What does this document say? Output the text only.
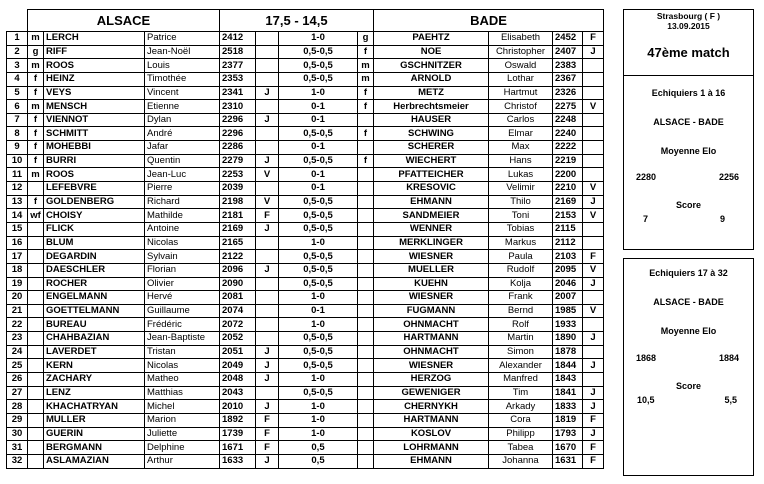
	ALSACE			17,5 - 14,5				BADE			
1	m	LERCH	Patrice	2412		1-0	g	PAEHTZ	Elisabeth	2452	F
2	g	RIFF	Jean-Noël	2518		0,5-0,5	f	NOE	Christopher	2407	J
3	m	ROOS	Louis	2377		0,5-0,5	m	GSCHNITZER	Oswald	2383	
4	f	HEINZ	Timothée	2353		0,5-0,5	m	ARNOLD	Lothar	2367	
5	f	VEYS	Vincent	2341	J	1-0	f	METZ	Hartmut	2326	
6	m	MENSCH	Etienne	2310		0-1	f	Herbrechtsmeier	Christof	2275	V
7	f	VIENNOT	Dylan	2296	J	0-1		HAUSER	Carlos	2248	
8	f	SCHMITT	André	2296		0,5-0,5	f	SCHWING	Elmar	2240	
9	f	MOHEBBI	Jafar	2286		0-1		SCHERER	Max	2222	
10	f	BURRI	Quentin	2279	J	0,5-0,5	f	WIECHERT	Hans	2219	
11	m	ROOS	Jean-Luc	2253	V	0-1		PFATTEICHER	Lukas	2200	
12		LEFEBVRE	Pierre	2039		0-1		KRESOVIC	Velimir	2210	V
13	f	GOLDENBERG	Richard	2198	V	0,5-0,5		EHMANN	Thilo	2169	J
14	wf	CHOISY	Mathilde	2181	F	0,5-0,5		SANDMEIER	Toni	2153	V
15		FLICK	Antoine	2169	J	0,5-0,5		WENNER	Tobias	2115	
16		BLUM	Nicolas	2165		1-0		MERKLINGER	Markus	2112	
17		DEGARDIN	Sylvain	2122		0,5-0,5		WIESNER	Paula	2103	F
18		DAESCHLER	Florian	2096	J	0,5-0,5		MUELLER	Rudolf	2095	V
19		ROCHER	Olivier	2090		0,5-0,5		KUEHN	Kolja	2046	J
20		ENGELMANN	Hervé	2081		1-0		WIESNER	Frank	2007	
21		GOETTELMANN	Guillaume	2074		0-1		FUGMANN	Bernd	1985	V
22		BUREAU	Frédéric	2072		1-0		OHNMACHT	Rolf	1933	
23		CHAHBAZIAN	Jean-Baptiste	2052		0,5-0,5		HARTMANN	Martin	1890	J
24		LAVERDET	Tristan	2051	J	0,5-0,5		OHNMACHT	Simon	1878	
25		KERN	Nicolas	2049	J	0,5-0,5		WIESNER	Alexander	1844	J
26		ZACHARY	Matheo	2048	J	1-0		HERZOG	Manfred	1843	
27		LENZ	Matthias	2043		0,5-0,5		GEWENIGER	Tim	1841	J
28		KHACHATRYAN	Michel	2010	J	1-0		CHERNYKH	Arkady	1833	J
29		MULLER	Marion	1892	F	1-0		HARTMANN	Cora	1819	F
30		GUERIN	Juliette	1739	F	1-0		KOSLOV	Philipp	1793	J
31		BERGMANN	Delphine	1671	F	0,5		LOHRMANN	Tabea	1670	F
32		ASLAMAZIAN	Arthur	1633	J	0,5		EHMANN	Johanna	1631	F
Strasbourg ( F )
13.09.2015
47ème match
Echiquiers 1 à 16
ALSACE - BADE
Moyenne Elo
2280	2256
Score
7	9
Echiquiers 17 à 32
ALSACE - BADE
Moyenne Elo
1868	1884
Score
10,5	5,5
